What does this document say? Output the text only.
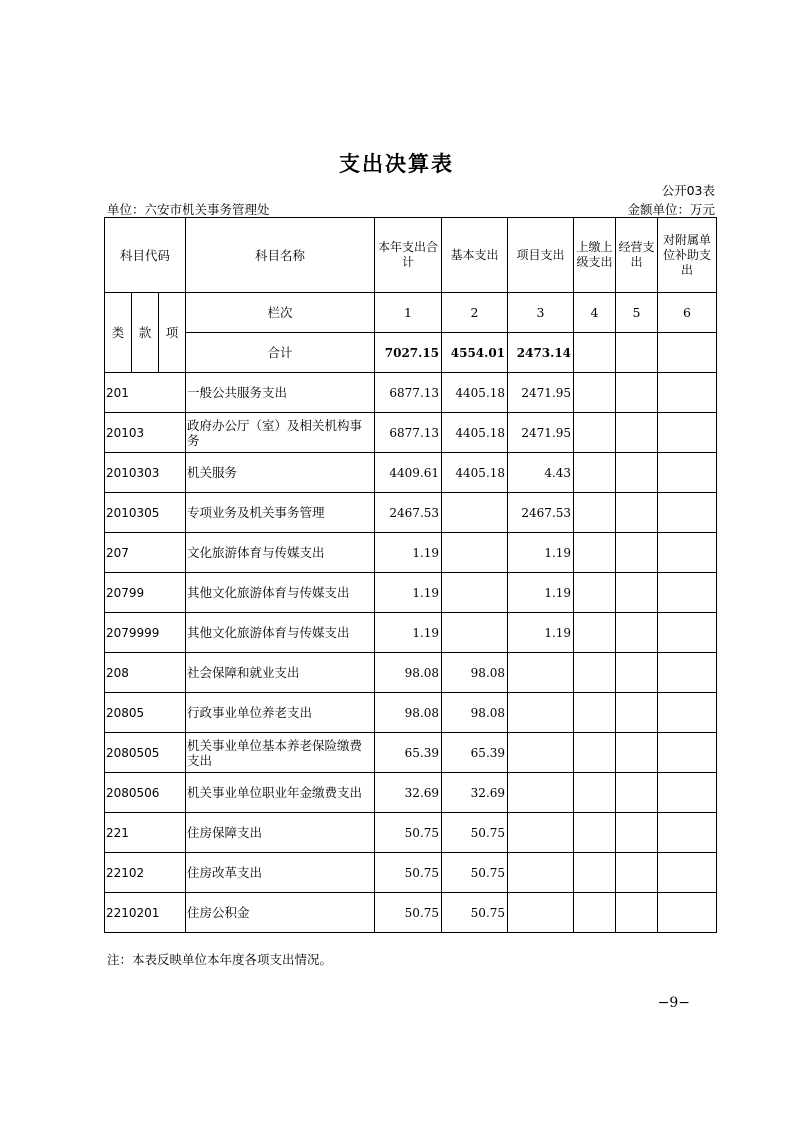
支出决算表
公开03表
单位：六安市机关事务管理处	金额单位：万元
科目代码			科目名称	本年支出合计	基本支出	项目支出	上缴上级支出	经营支出	对附属单位补助支出
类	款	项	栏次	1	2	3	4	5	6
			合计	7027.15	4554.01	2473.14			
201			一般公共服务支出	6877.13	4405.18	2471.95			
20103			政府办公厅（室）及相关机构事务	6877.13	4405.18	2471.95			
2010303			机关服务	4409.61	4405.18	4.43			
2010305			专项业务及机关事务管理	2467.53		2467.53			
207			文化旅游体育与传媒支出	1.19		1.19			
20799			其他文化旅游体育与传媒支出	1.19		1.19			
2079999			其他文化旅游体育与传媒支出	1.19		1.19			
208			社会保障和就业支出	98.08	98.08				
20805			行政事业单位养老支出	98.08	98.08				
2080505			机关事业单位基本养老保险缴费支出	65.39	65.39				
2080506			机关事业单位职业年金缴费支出	32.69	32.69				
221			住房保障支出	50.75	50.75				
22102			住房改革支出	50.75	50.75				
2210201			住房公积金	50.75	50.75				
注：本表反映单位本年度各项支出情况。
−9−
